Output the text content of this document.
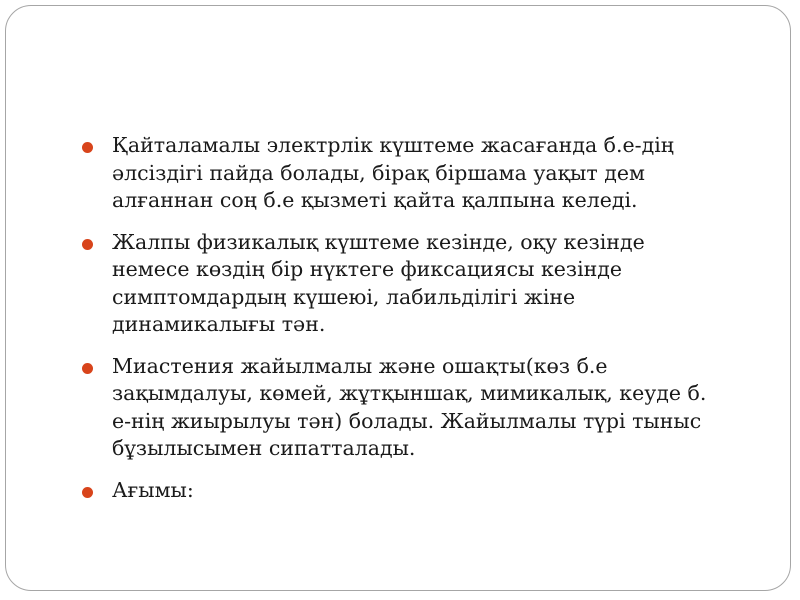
Қайталамалы электрлік күштеме жасағанда б.е-дің
әлсіздігі пайда болады, бірақ біршама уақыт дем
алғаннан соң б.е қызметі қайта қалпына келеді.
Жалпы физикалық күштеме кезінде, оқу кезінде
немесе көздің бір нүктеге фиксациясы кезінде
симптомдардың күшеюі, лабильділігі жіне
динамикалығы тән.
Миастения жайылмалы және ошақты(көз б.е
зақымдалуы, көмей, жұтқыншақ, мимикалық, кеуде б.
е-нің жиырылуы тән) болады. Жайылмалы түрі тыныс
бұзылысымен сипатталады.
Ағымы:
